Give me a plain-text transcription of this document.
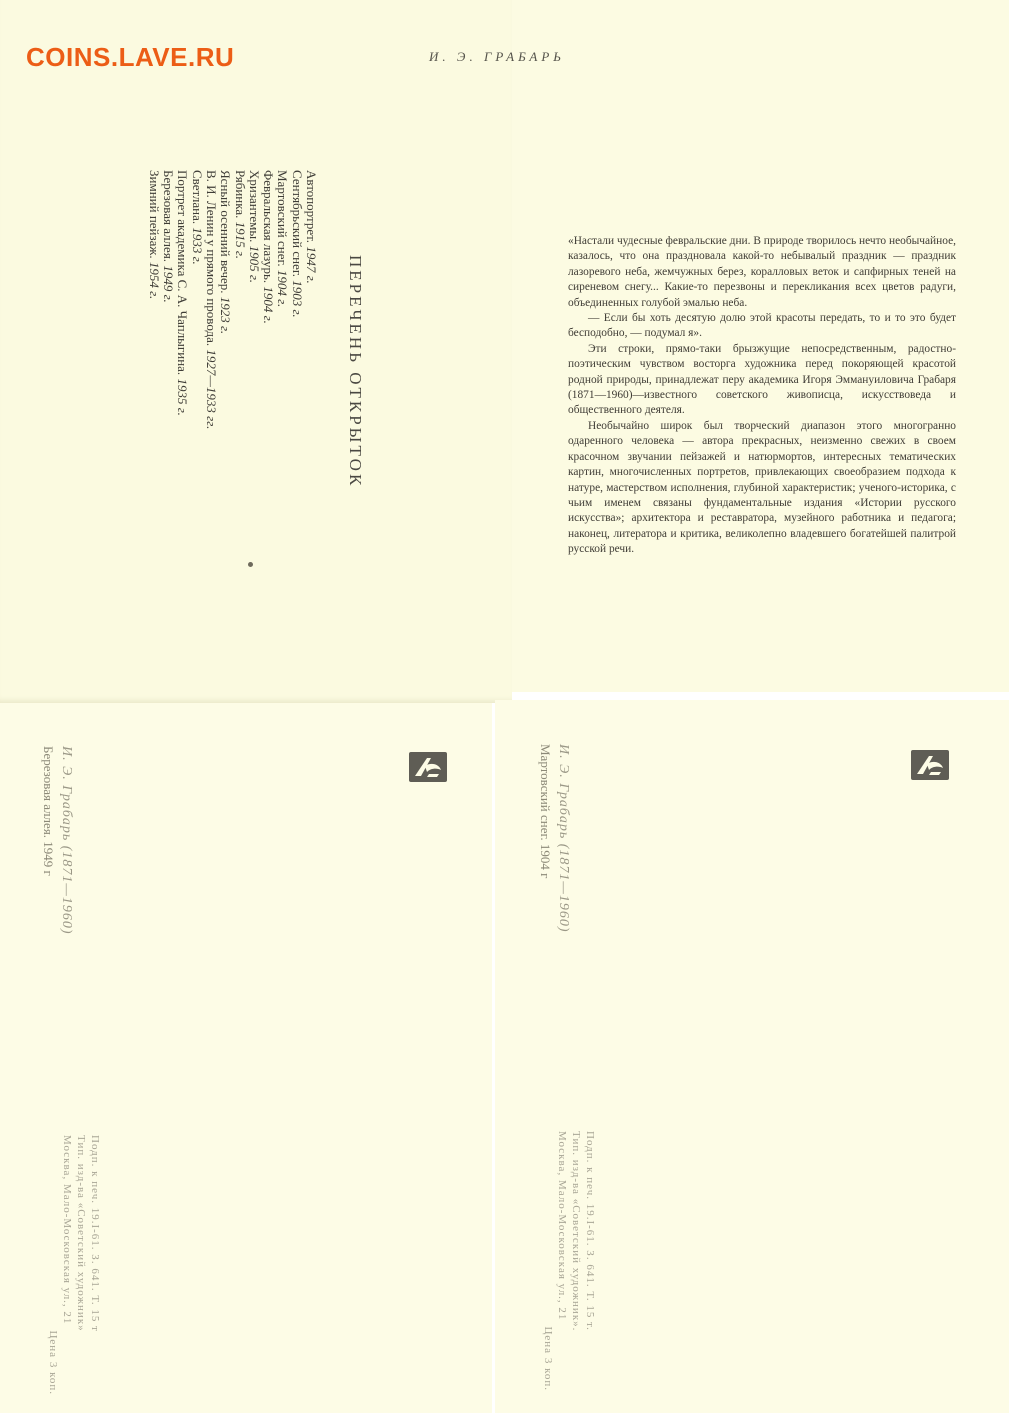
COINS.LAVE.RU

ПЕРЕЧЕНЬ ОТКРЫТОК
Автопортрет. 1947 г.
Сентябрьский снег. 1903 г.
Мартовский снег. 1904 г.
Февральская лазурь. 1904 г.
Хризантемы. 1905 г.
Рябинка. 1915 г.
Ясный осенний вечер. 1923 г.
В. И. Ленин у прямого провода. 1927—1933 гг.
Светлана. 1933 г.
Портрет академика С. А. Чаплыгина. 1935 г.
Березовая аллея. 1949 г.
Зимний пейзаж. 1954 г.
И. Э. ГРАБАРЬ

«Настали чудесные февральские дни. В природе творилось нечто необычайное, казалось, что она праздновала какой-то небывалый праздник — праздник лазоревого неба, жемчужных берез, коралловых веток и сапфирных теней на сиреневом снегу... Какие-то перезвоны и перекликания всех цветов радуги, объединенных голубой эмалью неба.

— Если бы хоть десятую долю этой красоты передать, то и то это будет бесподобно, — подумал я».

Эти строки, прямо-таки брызжущие непосредственным, радостно-поэтическим чувством восторга художника перед покоряющей красотой родной природы, принадлежат перу академика Игоря Эммануиловича Грабаря (1871—1960)—известного советского живописца, искусствоведа и общественного деятеля.

Необычайно широк был творческий диапазон этого многогранно одаренного человека — автора прекрасных, неизменно свежих в своем красочном звучании пейзажей и натюрмортов, интересных тематических картин, многочисленных портретов, привлекающих своеобразием подхода к натуре, мастерством исполнения, глубиной характеристик; ученого-историка, с чьим именем связаны фундаментальные издания «Истории русского искусства»; архитектора и реставратора, музейного работника и педагога; наконец, литератора и критика, великолепно владевшего богатейшей палитрой русской речи.

И. Э. Грабарь (1871—1960)
Березовая аллея. 1949 г
Подп. к печ. 19.I-61. З. 641. Т. 15 т
Тип. изд-ва «Советский художник»
Москва, Мало-Московская ул., 21
Цена 3 коп.
И. Э. Грабарь (1871—1960)
Мартовский снег. 1904 г
Подп. к печ. 19.I-61. З. 641. Т. 15 т.
Тип. изд-ва «Советский художник».
Москва, Мало-Московская ул., 21
Цена 3 коп.
